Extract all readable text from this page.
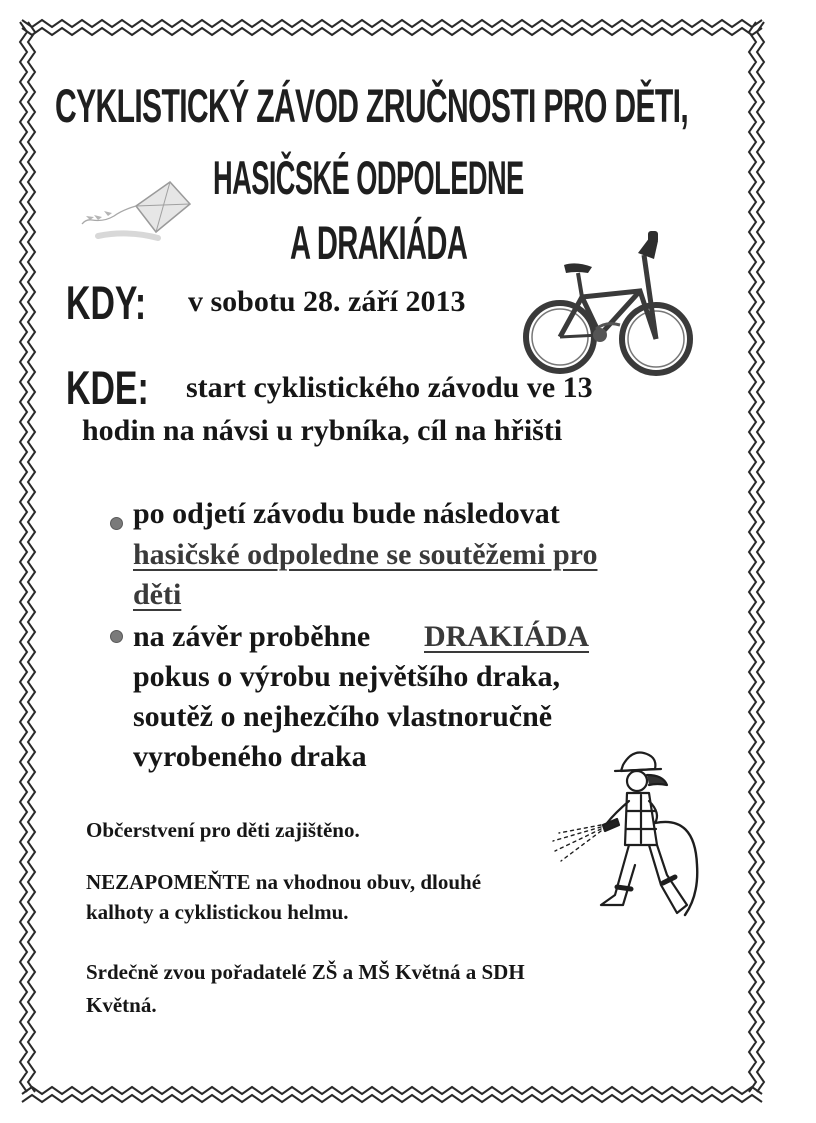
CYKLISTICKÝ ZÁVOD ZRUČNOSTI PRO DĚTI,
HASIČSKÉ ODPOLEDNE
A DRAKIÁDA
KDY: v sobotu 28. září 2013
KDE: start cyklistického závodu ve 13
hodin na návsi u rybníka, cíl na hřišti
po odjetí závodu bude následovat
hasičské odpoledne se soutěžemi pro
děti
na závěr proběhne DRAKIÁDA
pokus o výrobu největšího draka,
soutěž o nejhezčího vlastnoručně
vyrobeného draka
Občerstvení pro děti zajištěno.
NEZAPOMEŇTE na vhodnou obuv, dlouhé
kalhoty a cyklistickou helmu.
Srdečně zvou pořadatelé ZŠ a MŠ Květná a SDH
Květná.
